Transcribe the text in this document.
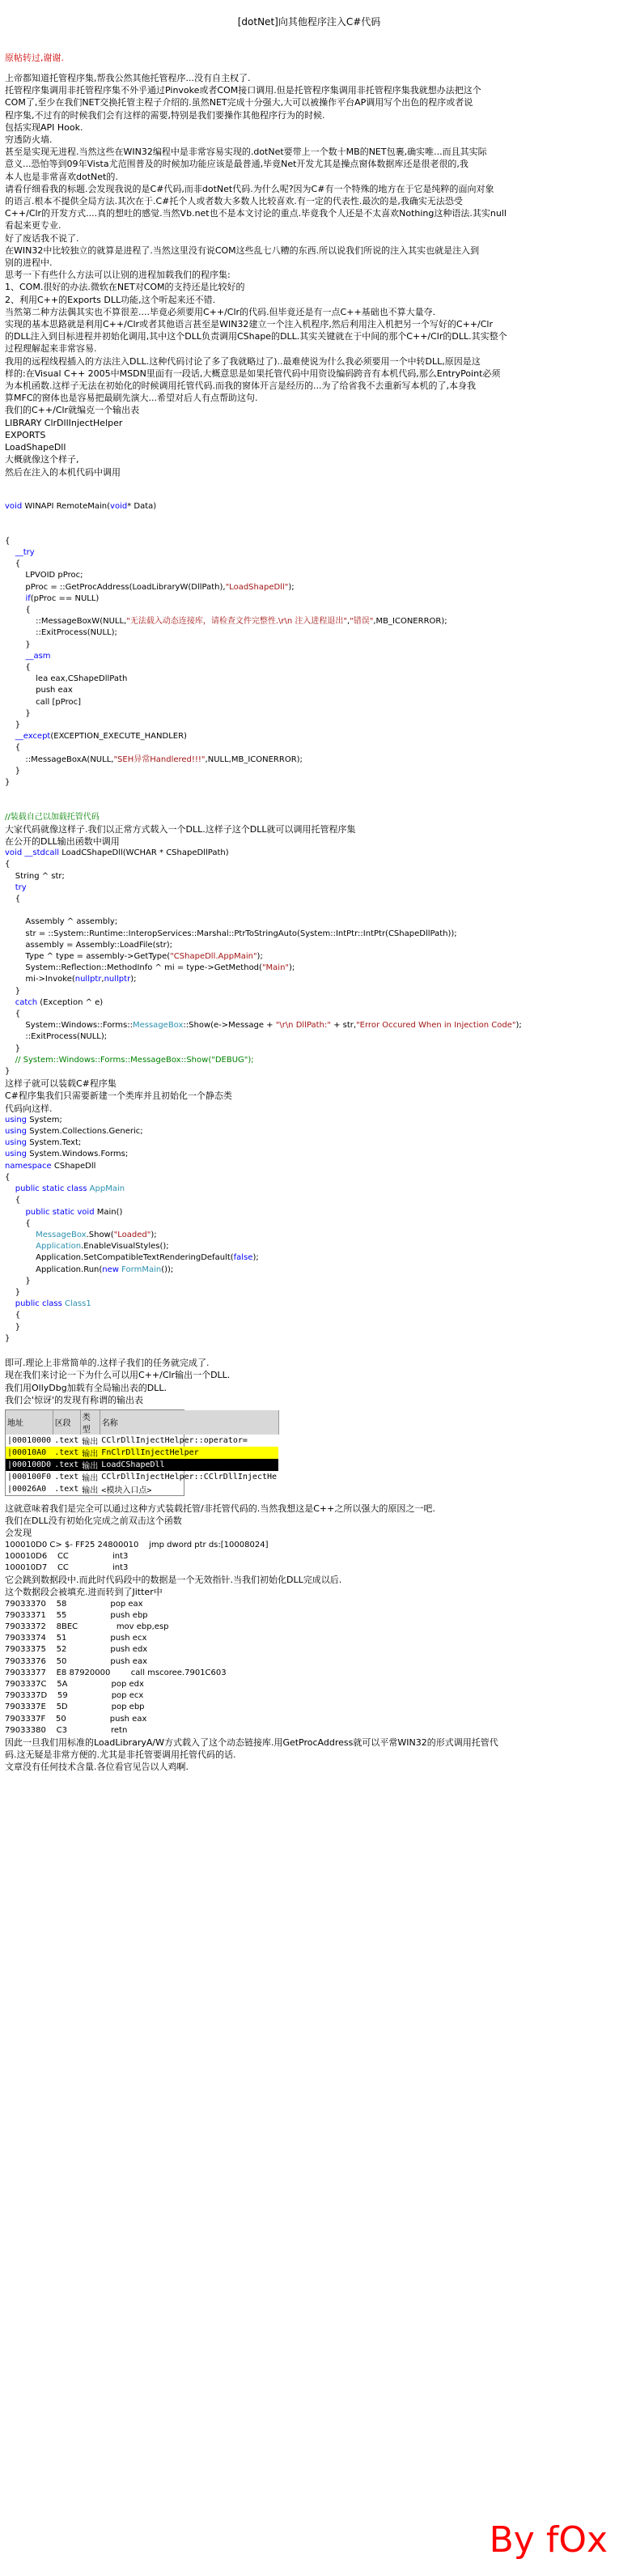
[dotNet]向其他程序注入C#代码
原帖转过,谢谢.
上帝都知道托管程序集,帮我公然其他托管程序...没有自主权了.
托管程序集调用非托管程序集不外乎通过Pinvoke或者COM接口调用.但是托管程序集调用非托管程序集我就想办法把这个
COM了,至少在我们NET交换托管主程子介绍的.虽然NET完成十分强大,大可以被操作平台AP调用写个出色的程序或者说
程序集,不过有的时候我们会有这样的需要,特别是我们要操作其他程序行为的时候.
包括实现API Hook.
穷透防火墙.
甚至是实现无进程.当然这些在WIN32编程中是非常容易实现的.dotNet要带上一个数十MB的NET包裹,确实唯...而且其实际
意义...恐怕等到09年Vista尤范围普及的时候加功能应该是最普通,毕竟Net开发尤其是操点窗体数据库还是很老很的,我
本人也是非常喜欢dotNet的.
请看仔细看我的标题.会发现我说的是C#代码,而非dotNet代码.为什么呢?因为C#有一个特殊的地方在于它是纯粹的面向对象
的语言.根本不提供全局方法.其次在于.C#托个人或者数大多数人比较喜欢.有一定的代表性.最次的是,我确实无法恐受
C++/Clr的开发方式....真的想吐的感觉.当然Vb.net也不是本文讨论的重点.毕竟我个人还是不太喜欢Nothing这种语法.其实null
看起来更专业.
好了废话我不说了.
在WIN32中比较独立的就算是进程了.当然这里没有说COM这些乱七八糟的东西.所以说我们所说的注入其实也就是注入到
别的进程中.
思考一下有些什么方法可以让别的进程加载我们的程序集:
1、COM.很好的办法.微软在NET对COM的支持还是比较好的
2、利用C++的Exports DLL功能,这个听起来还不错.
当然第二种方法偶其实也不算很差....毕竟必须要用C++/Clr的代码.但毕竟还是有一点C++基础也不算大量夺.
实现的基本思路就是利用C++/Clr或者其他语言甚至是WIN32建立一个注入机程序,然后利用注入机把另一个写好的C++/Clr
的DLL注入到目标进程并初始化调用,其中这个DLL负责调用CShape的DLL.其实关键就在于中间的那个C++/Clr的DLL.其实整个
过程理解起来非常容易.
我用的远程线程插入的方法注入DLL.这种代码讨论了多了我就略过了)..最难使说为什么我必须要用一个中转DLL,原因是这
样的:在Visual C++ 2005中MSDN里面有一段话,大概意思是如果托管代码中用资设编码跨音有本机代码,那么EntryPoint必须
为本机函数.这样子无法在初始化的时候调用托管代码.而我的窗体开言是经历的...为了给省我不去重新写本机的了,本身我
算MFC的窗体也是容易把最刷先演大...希望对后人有点帮助这句.
我们的C++/Clr就编克一个输出表
LIBRARY ClrDllInjectHelper
EXPORTS
LoadShapeDll
大概就像这个样子,
然后在注入的本机代码中调用

void WINAPI RemoteMain(void* Data)

{
__try
{
LPVOID pProc;
pProc = ::GetProcAddress(LoadLibraryW(DllPath),"LoadShapeDll");
if(pProc == NULL)
{
::MessageBoxW(NULL,"无法载入动态连接库，请检查文件完整性.\r\n 注入进程退出","错误",MB_ICONERROR);
::ExitProcess(NULL);
}
__asm
{
lea eax,CShapeDllPath
push eax
call [pProc]
}
}
__except(EXCEPTION_EXECUTE_HANDLER)
{
::MessageBoxA(NULL,"SEH异常Handlered!!!",NULL,MB_ICONERROR);
}
}

//装载自己以加载托管代码
大家代码就像这样子.我们以正常方式载入一个DLL.这样子这个DLL就可以调用托管程序集
在公开的DLL输出函数中调用
void __stdcall LoadCShapeDll(WCHAR * CShapeDllPath)
{
String ^ str;
try
{

Assembly ^ assembly;
str = ::System::Runtime::InteropServices::Marshal::PtrToStringAuto(System::IntPtr::IntPtr(CShapeDllPath));
assembly = Assembly::LoadFile(str);
Type ^ type = assembly->GetType("CShapeDll.AppMain");
System::Reflection::MethodInfo ^ mi = type->GetMethod("Main");
mi->Invoke(nullptr,nullptr);
}
catch (Exception ^ e)
{
System::Windows::Forms::MessageBox::Show(e->Message + "\r\n DllPath:" + str,"Error Occured When in Injection Code");
::ExitProcess(NULL);
}
// System::Windows::Forms::MessageBox::Show("DEBUG");
}
这样子就可以装载C#程序集
C#程序集我们只需要新建一个类库并且初始化一个静态类
代码向这样.
using System;
using System.Collections.Generic;
using System.Text;
using System.Windows.Forms;
namespace CShapeDll
{
public static class AppMain
{
public static void Main()
{
MessageBox.Show("Loaded");
Application.EnableVisualStyles();
Application.SetCompatibleTextRenderingDefault(false);
Application.Run(new FormMain());
}
}
public class Class1
{
}
}

即可.理论上非常简单的.这样子我们的任务就完成了.
现在我们来讨论一下为什么可以用C++/Clr输出一个DLL.
我们用OllyDbg加载有全局输出表的DLL.
我们会'惊讶'的发现有称谓的输出表
地址	区段	类型	名称
|00010000	.text	输出	CClrDllInjectHelper::operator=
|00010A0	.text	输出	FnClrDllInjectHelper
|000100D0	.text	输出	LoadCShapeDll
|000100F0	.text	输出	CClrDllInjectHelper::CClrDllInjectHe
|00026A0	.text	输出	<模块入口点>
这就意味着我们是完全可以通过这种方式装载托管/非托管代码的.当然我想这是C++之所以强大的原因之一吧.
我们在DLL没有初始化完成之前双击这个函数
会发现
100010D0 C> $- FF25 24800010    jmp dword ptr ds:[10008024]
100010D6    CC                 int3
100010D7    CC                 int3
它会跳到数据段中.而此时代码段中的数据是一个无效指针.当我们初始化DLL完成以后.
这个数据段会被填充.进而转到了Jitter中
79033370    58                 pop eax
79033371    55                 push ebp
79033372    8BEC               mov ebp,esp
79033374    51                 push ecx
79033375    52                 push edx
79033376    50                 push eax
79033377    E8 87920000        call mscoree.7901C603
7903337C    5A                 pop edx
7903337D    59                 pop ecx
7903337E    5D                 pop ebp
7903337F    50                 push eax
79033380    C3                 retn
因此一旦我们用标准的LoadLibraryA/W方式载入了这个动态链接库.用GetProcAddress就可以平常WIN32的形式调用托管代
码.这无疑是非常方便的.尤其是非托管要调用托管代码的话.
文章没有任何技术含量.各位看官见告以人鸡啊.
By fOx
